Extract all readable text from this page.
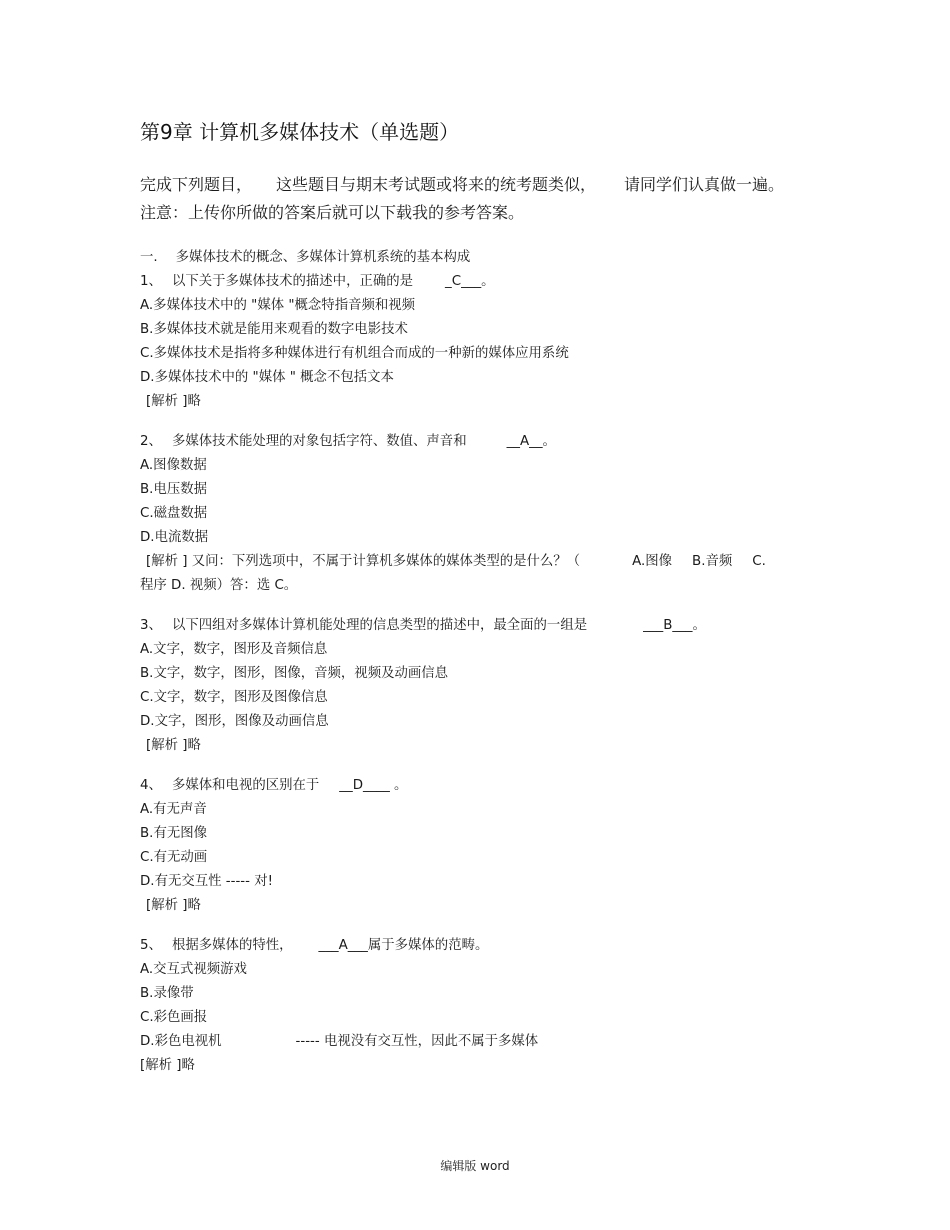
第9章 计算机多媒体技术（单选题）
完成下列题目， 这些题目与期末考试题或将来的统考题类似， 请同学们认真做一遍。
注意：上传你所做的答案后就可以下载我的参考答案。
一. 多媒体技术的概念、多媒体计算机系统的基本构成
1、 以下关于多媒体技术的描述中，正确的是 _C___。
A.多媒体技术中的 "媒体 "概念特指音频和视频
B.多媒体技术就是能用来观看的数字电影技术
C.多媒体技术是指将多种媒体进行有机组合而成的一种新的媒体应用系统
D.多媒体技术中的 "媒体 " 概念不包括文本
[解析 ]略
2、 多媒体技术能处理的对象包括字符、数值、声音和	__A__。
A.图像数据
B.电压数据
C.磁盘数据
D.电流数据
[解析 ] 又问：下列选项中，不属于计算机多媒体的媒体类型的是什么？（	A.图像 B.音频 C.
程序 D. 视频）答：选 C。
3、 以下四组对多媒体计算机能处理的信息类型的描述中，最全面的一组是	___B___。
A.文字，数字，图形及音频信息
B.文字，数字，图形，图像，音频，视频及动画信息
C.文字，数字，图形及图像信息
D.文字，图形，图像及动画信息
[解析 ]略
4、 多媒体和电视的区别在于 __D____ 。
A.有无声音
B.有无图像
C.有无动画
D.有无交互性 ----- 对!
[解析 ]略
5、 根据多媒体的特性， ___A___属于多媒体的范畴。
A.交互式视频游戏
B.录像带
C.彩色画报
D.彩色电视机	----- 电视没有交互性，因此不属于多媒体
[解析 ]略
编辑版 word
